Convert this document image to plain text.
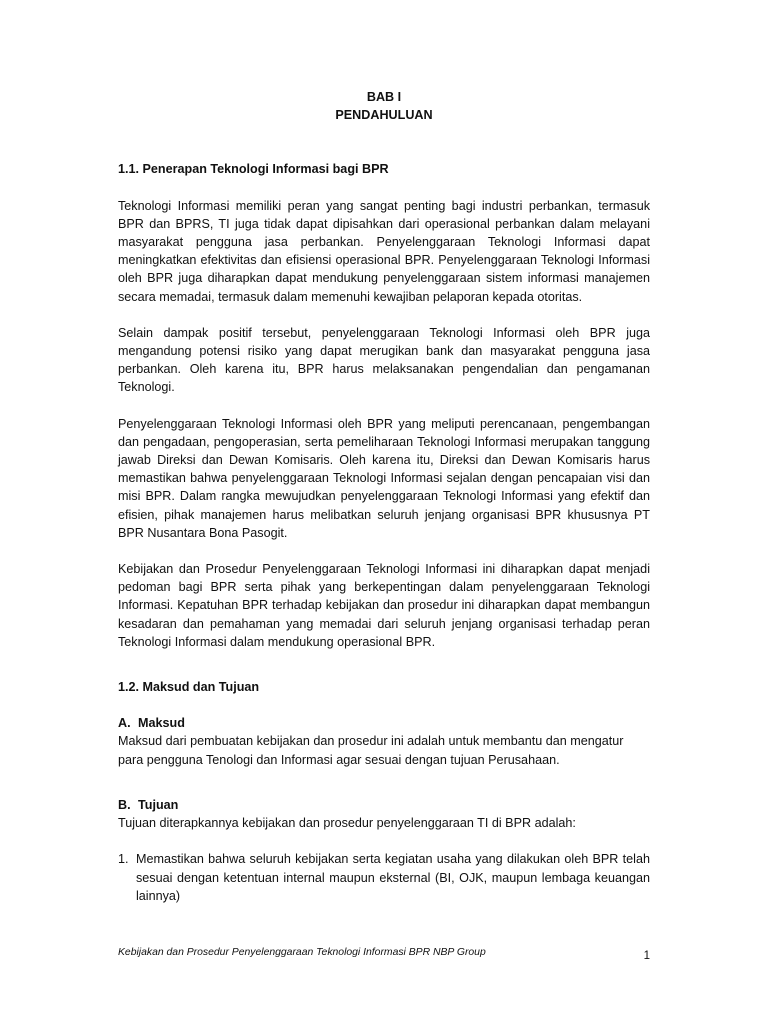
BAB I

PENDAHULUAN

1.1. Penerapan Teknologi Informasi bagi BPR

Teknologi Informasi memiliki peran yang sangat penting bagi industri perbankan, termasuk BPR dan BPRS, TI juga tidak dapat dipisahkan dari operasional perbankan dalam melayani masyarakat pengguna jasa perbankan. Penyelenggaraan Teknologi Informasi dapat meningkatkan efektivitas dan efisiensi operasional BPR. Penyelenggaraan Teknologi Informasi oleh BPR juga diharapkan dapat mendukung penyelenggaraan sistem informasi manajemen secara memadai, termasuk dalam memenuhi kewajiban pelaporan kepada otoritas.

Selain dampak positif tersebut, penyelenggaraan Teknologi Informasi oleh BPR juga mengandung potensi risiko yang dapat merugikan bank dan masyarakat pengguna jasa perbankan. Oleh karena itu, BPR harus melaksanakan pengendalian dan pengamanan Teknologi.

Penyelenggaraan Teknologi Informasi oleh BPR yang meliputi perencanaan, pengembangan dan pengadaan, pengoperasian, serta pemeliharaan Teknologi Informasi merupakan tanggung jawab Direksi dan Dewan Komisaris. Oleh karena itu, Direksi dan Dewan Komisaris harus memastikan bahwa penyelenggaraan Teknologi Informasi sejalan dengan pencapaian visi dan misi BPR. Dalam rangka mewujudkan penyelenggaraan Teknologi Informasi yang efektif dan efisien, pihak manajemen harus melibatkan seluruh jenjang organisasi BPR khususnya PT BPR Nusantara Bona Pasogit.

Kebijakan dan Prosedur Penyelenggaraan Teknologi Informasi ini diharapkan dapat menjadi pedoman bagi BPR serta pihak yang berkepentingan dalam penyelenggaraan Teknologi Informasi. Kepatuhan BPR terhadap kebijakan dan prosedur ini diharapkan dapat membangun kesadaran dan pemahaman yang memadai dari seluruh jenjang organisasi terhadap peran Teknologi Informasi dalam mendukung operasional BPR.

1.2. Maksud dan Tujuan

A. Maksud

Maksud dari pembuatan kebijakan dan prosedur ini adalah untuk membantu dan mengatur para pengguna Tenologi dan Informasi agar sesuai dengan tujuan Perusahaan.

B. Tujuan

Tujuan diterapkannya kebijakan dan prosedur penyelenggaraan TI di BPR adalah:

1. Memastikan bahwa seluruh kebijakan serta kegiatan usaha yang dilakukan oleh BPR telah sesuai dengan ketentuan internal maupun eksternal (BI, OJK, maupun lembaga keuangan lainnya)
Kebijakan dan Prosedur Penyelenggaraan Teknologi Informasi BPR NBP Group	1
